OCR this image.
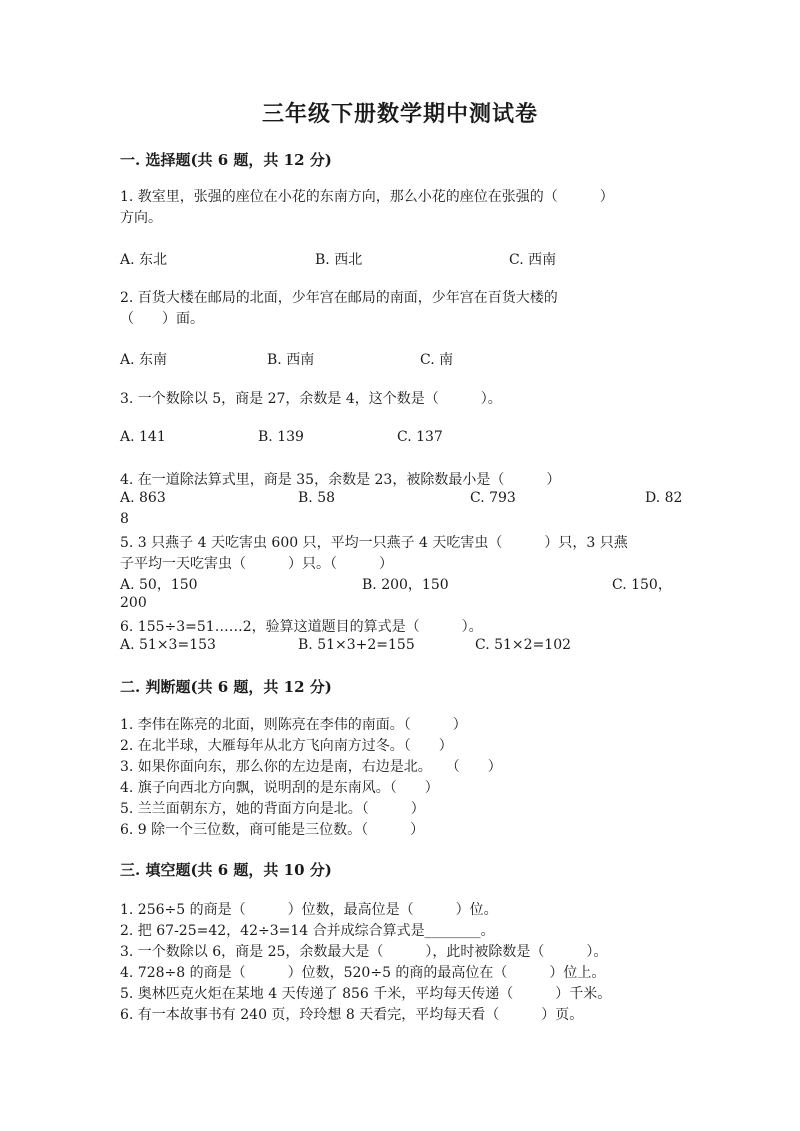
三年级下册数学期中测试卷
一. 选择题(共 6 题，共 12 分)
1. 教室里，张强的座位在小花的东南方向，那么小花的座位在张强的（　　　）
方向。
A. 东北	B. 西北	C. 西南
2. 百货大楼在邮局的北面，少年宫在邮局的南面，少年宫在百货大楼的
（　　）面。
A. 东南	B. 西南	C. 南
3. 一个数除以 5，商是 27，余数是 4，这个数是（　　　）。
A. 141	B. 139	C. 137
4. 在一道除法算式里，商是 35，余数是 23，被除数最小是（　　　）
A. 863	B. 58	C. 793	D. 82
8
5. 3 只燕子 4 天吃害虫 600 只，平均一只燕子 4 天吃害虫（　　　）只，3 只燕
子平均一天吃害虫（　　　）只。（　　　）
A. 50，150	B. 200，150	C. 150，
200
6. 155÷3=51……2，验算这道题目的算式是（　　　）。
A. 51×3=153	B. 51×3+2=155	C. 51×2=102
二. 判断题(共 6 题，共 12 分)
1. 李伟在陈亮的北面，则陈亮在李伟的南面。（　　　）
2. 在北半球，大雁每年从北方飞向南方过冬。（　　）
3. 如果你面向东，那么你的左边是南，右边是北。　　（　　）
4. 旗子向西北方向飘，说明刮的是东南风。（　　）
5. 兰兰面朝东方，她的背面方向是北。（　　　）
6. 9 除一个三位数，商可能是三位数。（　　　）
三. 填空题(共 6 题，共 10 分)
1. 256÷5 的商是（　　　）位数，最高位是（　　　）位。
2. 把 67-25=42，42÷3=14 合并成综合算式是________。
3. 一个数除以 6，商是 25，余数最大是（　　　），此时被除数是（　　　）。
4. 728÷8 的商是（　　　）位数，520÷5 的商的最高位在（　　　）位上。
5. 奥林匹克火炬在某地 4 天传递了 856 千米，平均每天传递（　　　）千米。
6. 有一本故事书有 240 页，玲玲想 8 天看完，平均每天看（　　　）页。
